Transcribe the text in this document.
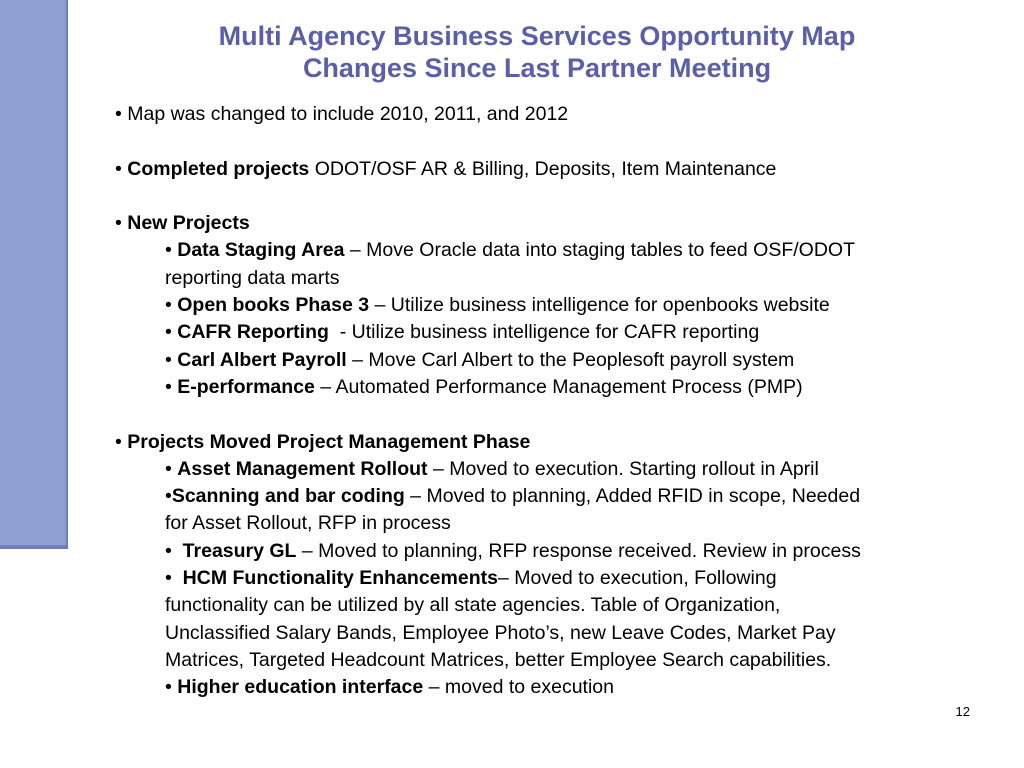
Multi Agency Business Services Opportunity Map
Changes Since Last Partner Meeting
• Map was changed to include 2010, 2011, and 2012
• Completed projects ODOT/OSF AR & Billing, Deposits, Item Maintenance
• New Projects
• Data Staging Area – Move Oracle data into staging tables to feed OSF/ODOT
reporting data marts
• Open books Phase 3 – Utilize business intelligence for openbooks website
• CAFR Reporting  - Utilize business intelligence for CAFR reporting
• Carl Albert Payroll – Move Carl Albert to the Peoplesoft payroll system
• E-performance – Automated Performance Management Process (PMP)
• Projects Moved Project Management Phase
• Asset Management Rollout – Moved to execution. Starting rollout in April
•Scanning and bar coding – Moved to planning, Added RFID in scope, Needed
for Asset Rollout, RFP in process
•  Treasury GL – Moved to planning, RFP response received. Review in process
•  HCM Functionality Enhancements– Moved to execution, Following
functionality can be utilized by all state agencies. Table of Organization,
Unclassified Salary Bands, Employee Photo’s, new Leave Codes, Market Pay
Matrices, Targeted Headcount Matrices, better Employee Search capabilities.
• Higher education interface – moved to execution
12
